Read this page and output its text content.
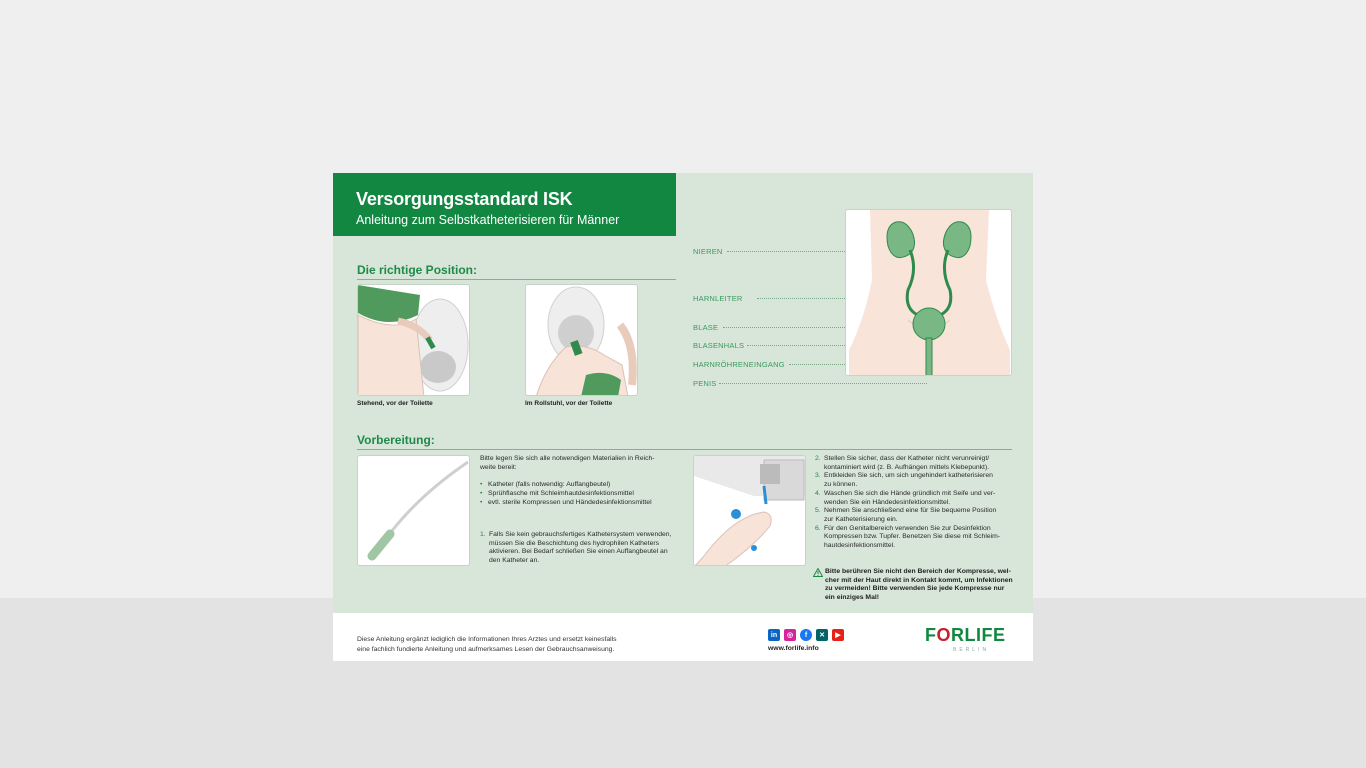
Versorgungsstandard ISK
Anleitung zum Selbstkatheterisieren für Männer
Die richtige Position:
Stehend, vor der Toilette	Im Rollstuhl, vor der Toilette
NIEREN
HARNLEITER
BLASE
BLASENHALS
HARNRÖHRENEINGANG
PENIS
Vorbereitung:
Bitte legen Sie sich alle notwendigen Materialien in Reich-
weite bereit:
• Katheter (falls notwendig: Auffangbeutel)
• Sprühflasche mit Schleimhautdesinfektionsmittel
• evtl. sterile Kompressen und Händedesinfektionsmittel
1. Falls Sie kein gebrauchsfertiges Kathetersystem verwenden,
müssen Sie die Beschichtung des hydrophilen Katheters
aktivieren. Bei Bedarf schließen Sie einen Auffangbeutel an
den Katheter an.
2. Stellen Sie sicher, dass der Katheter nicht verunreinigt/
kontaminiert wird (z. B. Aufhängen mittels Klebepunkt).
3. Entkleiden Sie sich, um sich ungehindert katheterisieren
zu können.
4. Waschen Sie sich die Hände gründlich mit Seife und ver-
wenden Sie ein Händedesinfektionsmittel.
5. Nehmen Sie anschließend eine für Sie bequeme Position
zur Katheterisierung ein.
6. Für den Genitalbereich verwenden Sie zur Desinfektion
Kompressen bzw. Tupfer. Benetzen Sie diese mit Schleim-
hautdesinfektionsmittel.
Bitte berühren Sie nicht den Bereich der Kompresse, wel-
cher mit der Haut direkt in Kontakt kommt, um Infektionen
zu vermeiden! Bitte verwenden Sie jede Kompresse nur
ein einziges Mal!
Diese Anleitung ergänzt lediglich die Informationen Ihres Arztes und ersetzt keinesfalls
eine fachlich fundierte Anleitung und aufmerksames Lesen der Gebrauchsanweisung.
in	◎	f	✕	▶
www.forlife.info
FORLIFE
BERLIN
